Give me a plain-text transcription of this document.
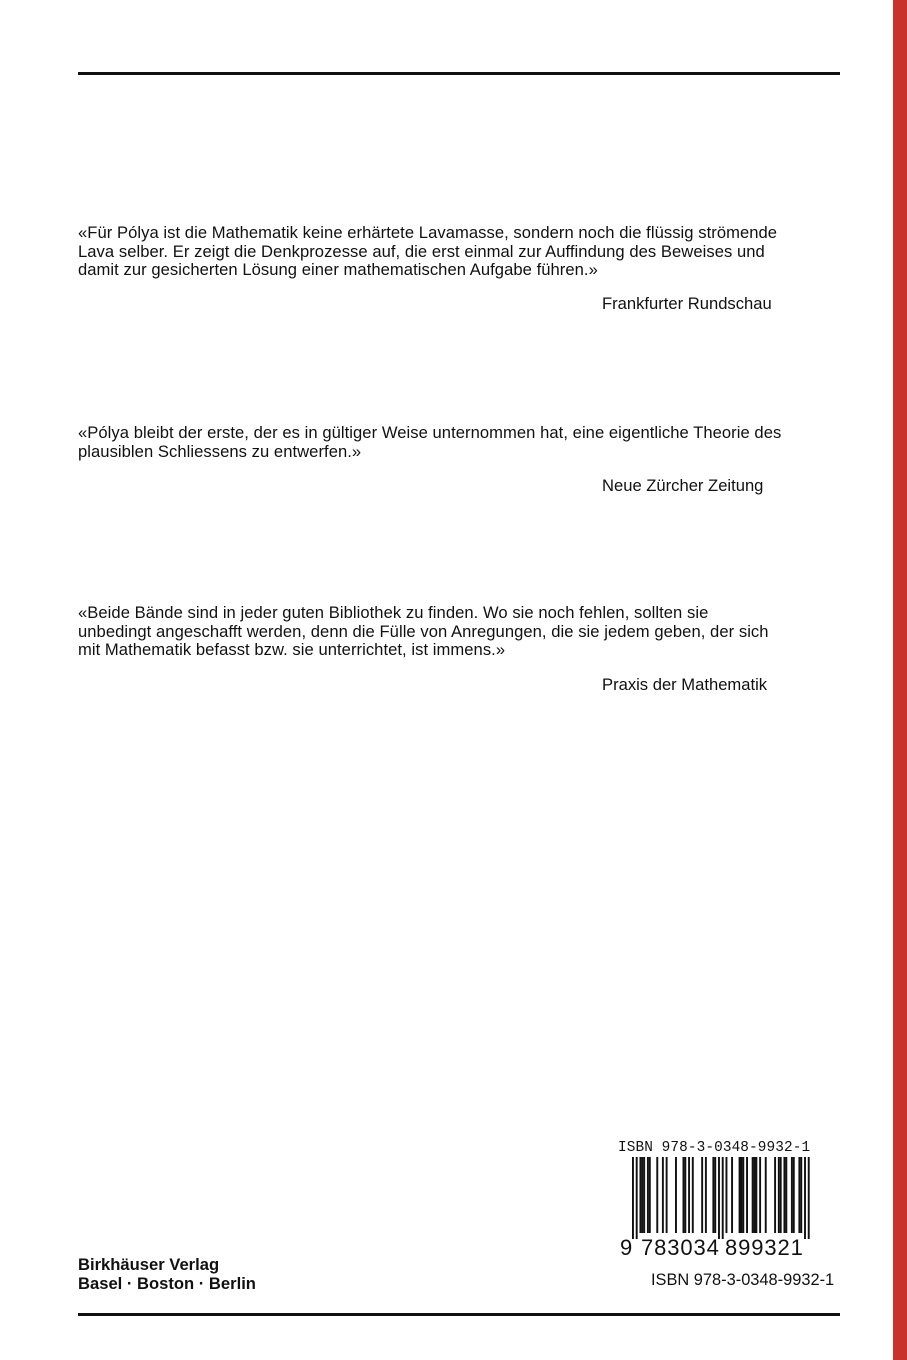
«Für Pólya ist die Mathematik keine erhärtete Lavamasse, sondern noch die flüssig strömende

Lava selber. Er zeigt die Denkprozesse auf, die erst einmal zur Auffindung des Beweises und

damit zur gesicherten Lösung einer mathematischen Aufgabe führen.»

Frankfurter Rundschau

«Pólya bleibt der erste, der es in gültiger Weise unternommen hat, eine eigentliche Theorie des

plausiblen Schliessens zu entwerfen.»

Neue Zürcher Zeitung

«Beide Bände sind in jeder guten Bibliothek zu finden. Wo sie noch fehlen, sollten sie

unbedingt angeschafft werden, denn die Fülle von Anregungen, die sie jedem geben, der sich

mit Mathematik befasst bzw. sie unterrichtet, ist immens.»

Praxis der Mathematik
ISBN 978-3-0348-9932-1
9 783034 899321
ISBN 978-3-0348-9932-1
Birkhäuser Verlag
Basel · Boston · Berlin
